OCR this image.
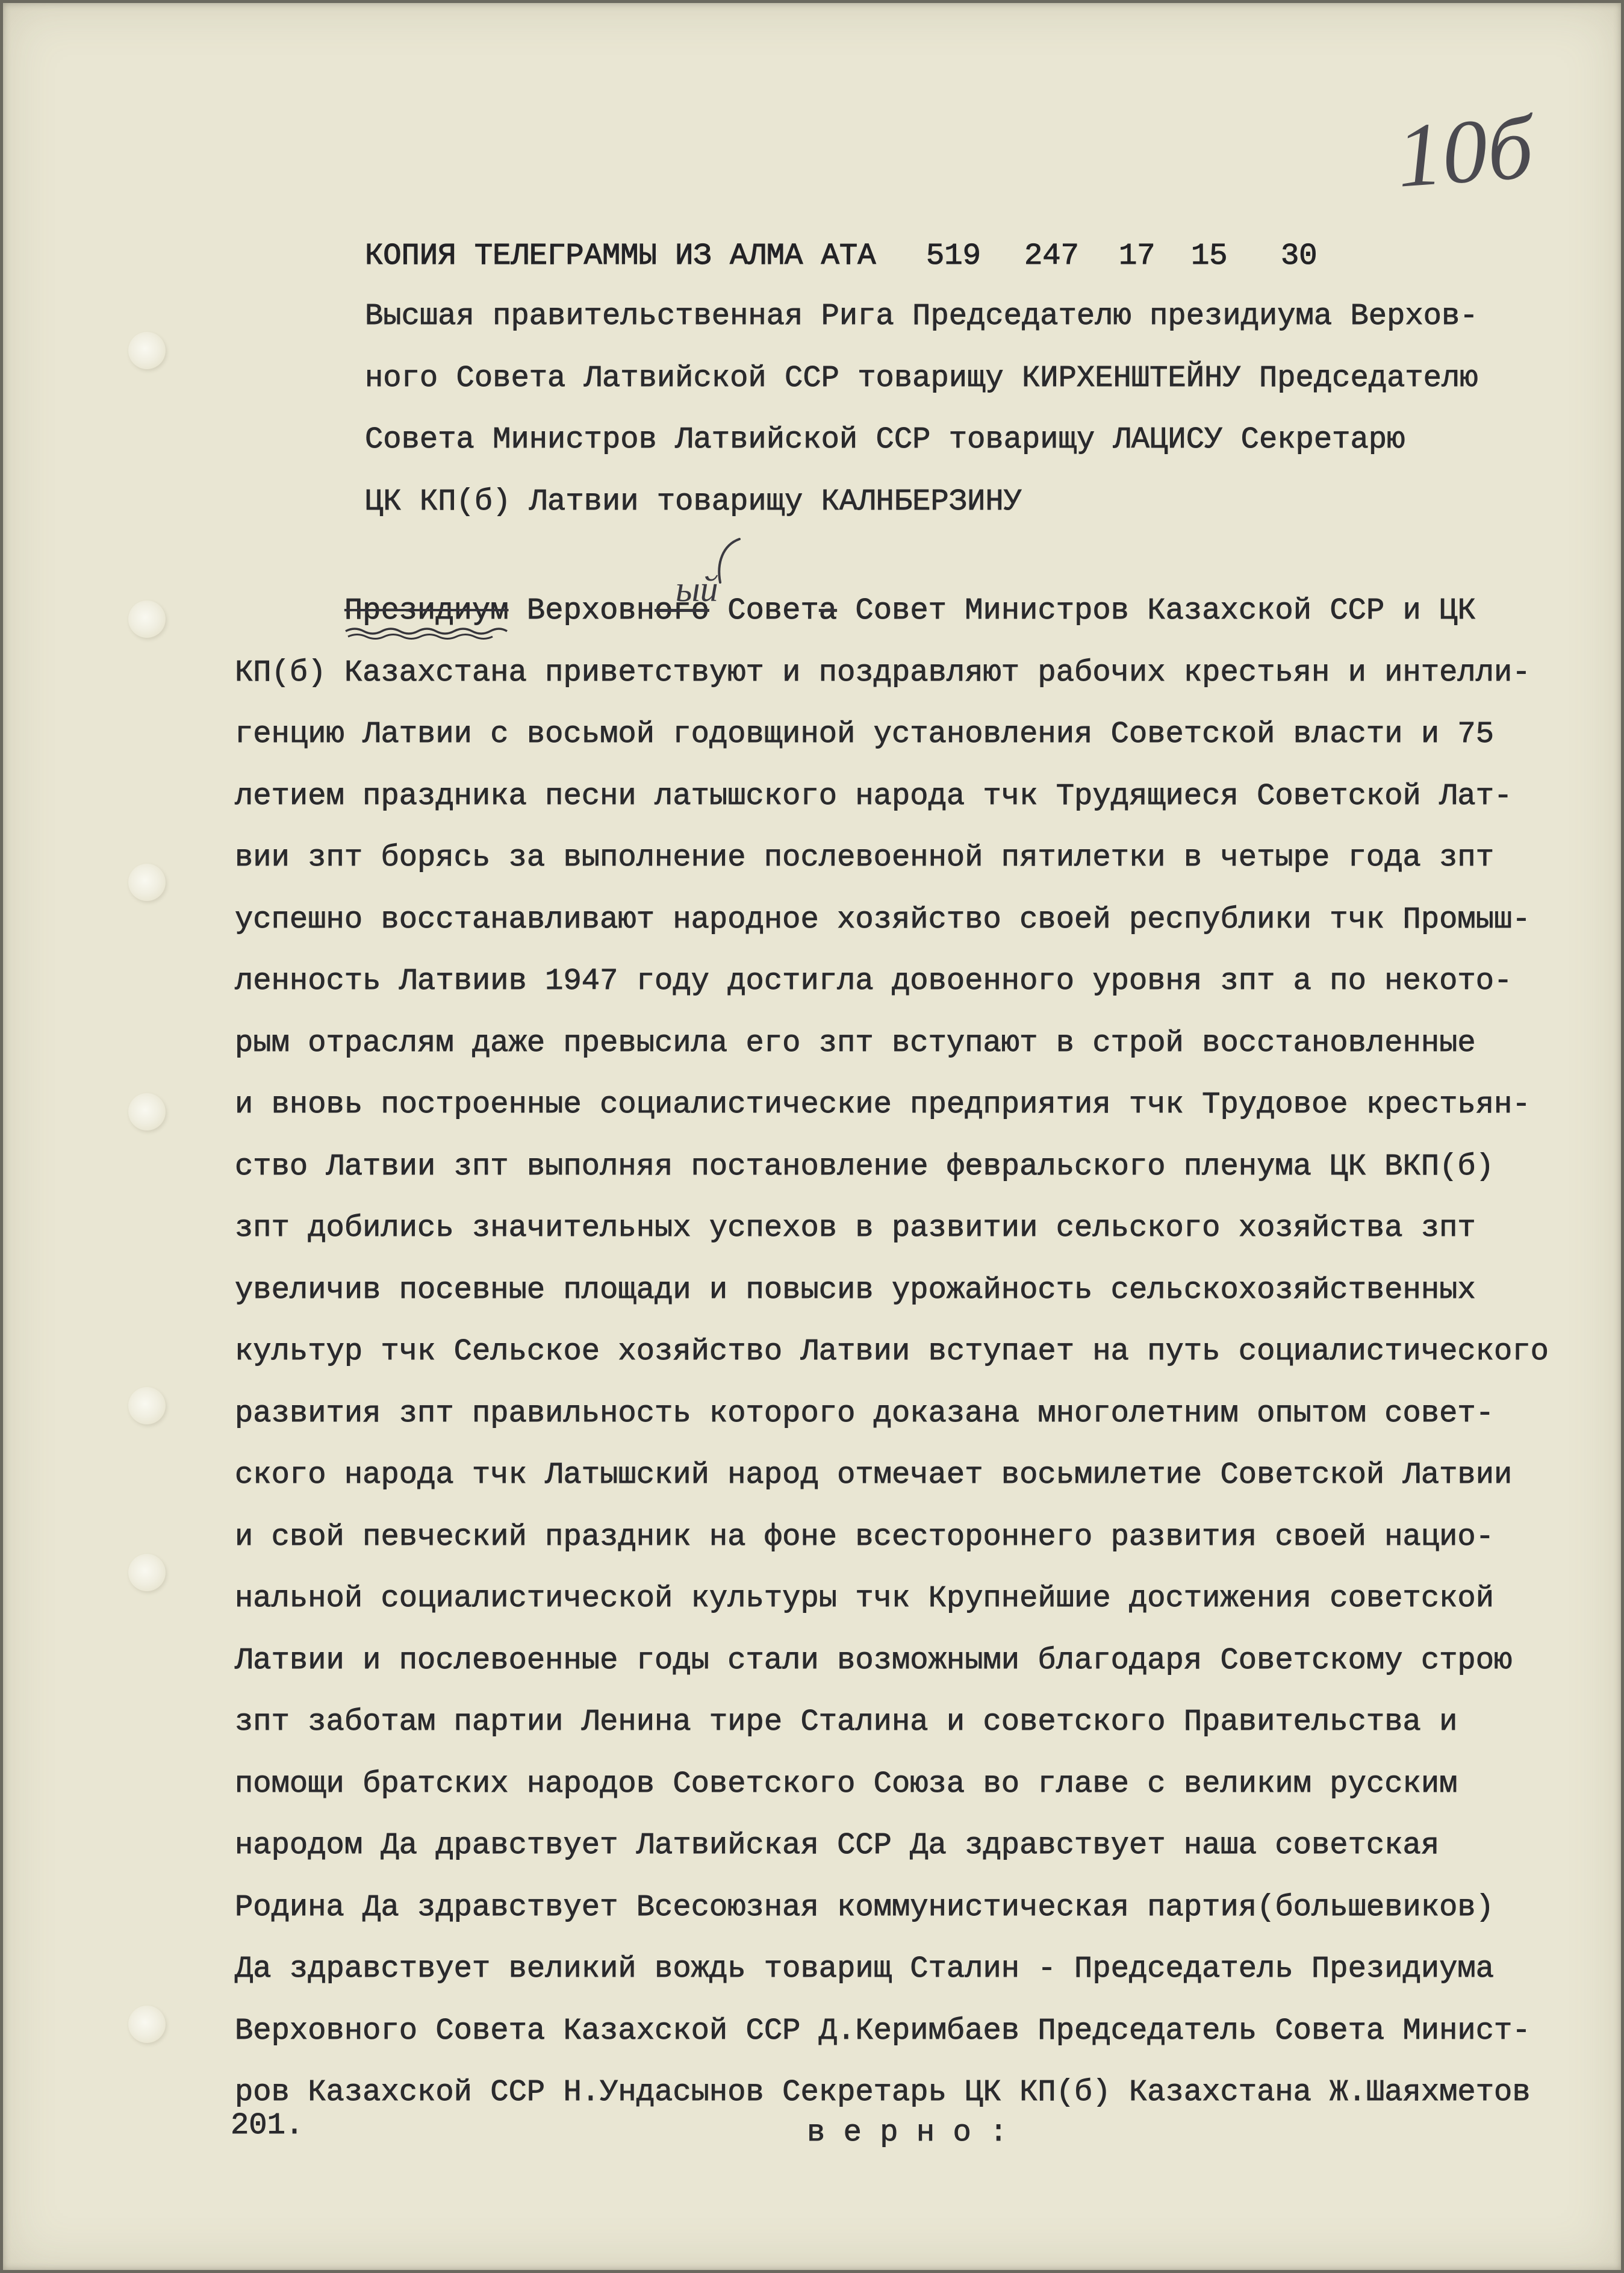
10б

КОПИЯ ТЕЛЕГРАММЫ ИЗ АЛМА АТА

519

247

17

15

30

Высшая правительственная Рига Председателю президиума Верхов-
ного Совета Латвийской ССР товарищу КИРХЕНШТЕЙНУ Председателю
Совета Министров Латвийской ССР товарищу ЛАЦИСУ Секретарю
ЦК КП(б) Латвии товарищу КАЛНБЕРЗИНУ
Президиум
Верховного
ый
Совета Совет Министров Казахской ССР и ЦК
КП(б) Казахстана приветствуют и поздравляют рабочих крестьян и интелли-
генцию Латвии с восьмой годовщиной установления Советской власти и 75
летием праздника песни латышского народа тчк Трудящиеся Советской Лат-
вии зпт борясь за выполнение послевоенной пятилетки в четыре года зпт
успешно восстанавливают народное хозяйство своей республики тчк Промыш-
ленность Латвиив 1947 году достигла довоенного уровня зпт а по некото-
рым отраслям даже превысила его зпт вступают в строй восстановленные
и вновь построенные социалистические предприятия тчк Трудовое крестьян-
ство Латвии зпт выполняя постановление февральского пленума ЦК ВКП(б)
зпт добились значительных успехов в развитии сельского хозяйства зпт
увеличив посевные площади и повысив урожайность сельскохозяйственных
культур тчк Сельское хозяйство Латвии вступает на путь социалистического
развития зпт правильность которого доказана многолетним опытом совет-
ского народа тчк Латышский народ отмечает восьмилетие Советской Латвии
и свой певческий праздник на фоне всестороннего развития своей нацио-
нальной социалистической культуры тчк Крупнейшие достижения советской
Латвии и послевоенные годы стали возможными благодаря Советскому строю
зпт заботам партии Ленина тире Сталина и советского Правительства и
помощи братских народов Советского Союза во главе с великим русским
народом Да дравствует Латвийская ССР Да здравствует наша советская
Родина Да здравствует Всесоюзная коммунистическая партия(большевиков)
Да здравствует великий вождь товарищ Сталин - Председатель Президиума
Верховного Совета Казахской ССР Д.Керимбаев Председатель Совета Минист-
ров Казахской ССР Н.Ундасынов Секретарь ЦК КП(б) Казахстана Ж.Шаяхметов
201.	в е р н о :
